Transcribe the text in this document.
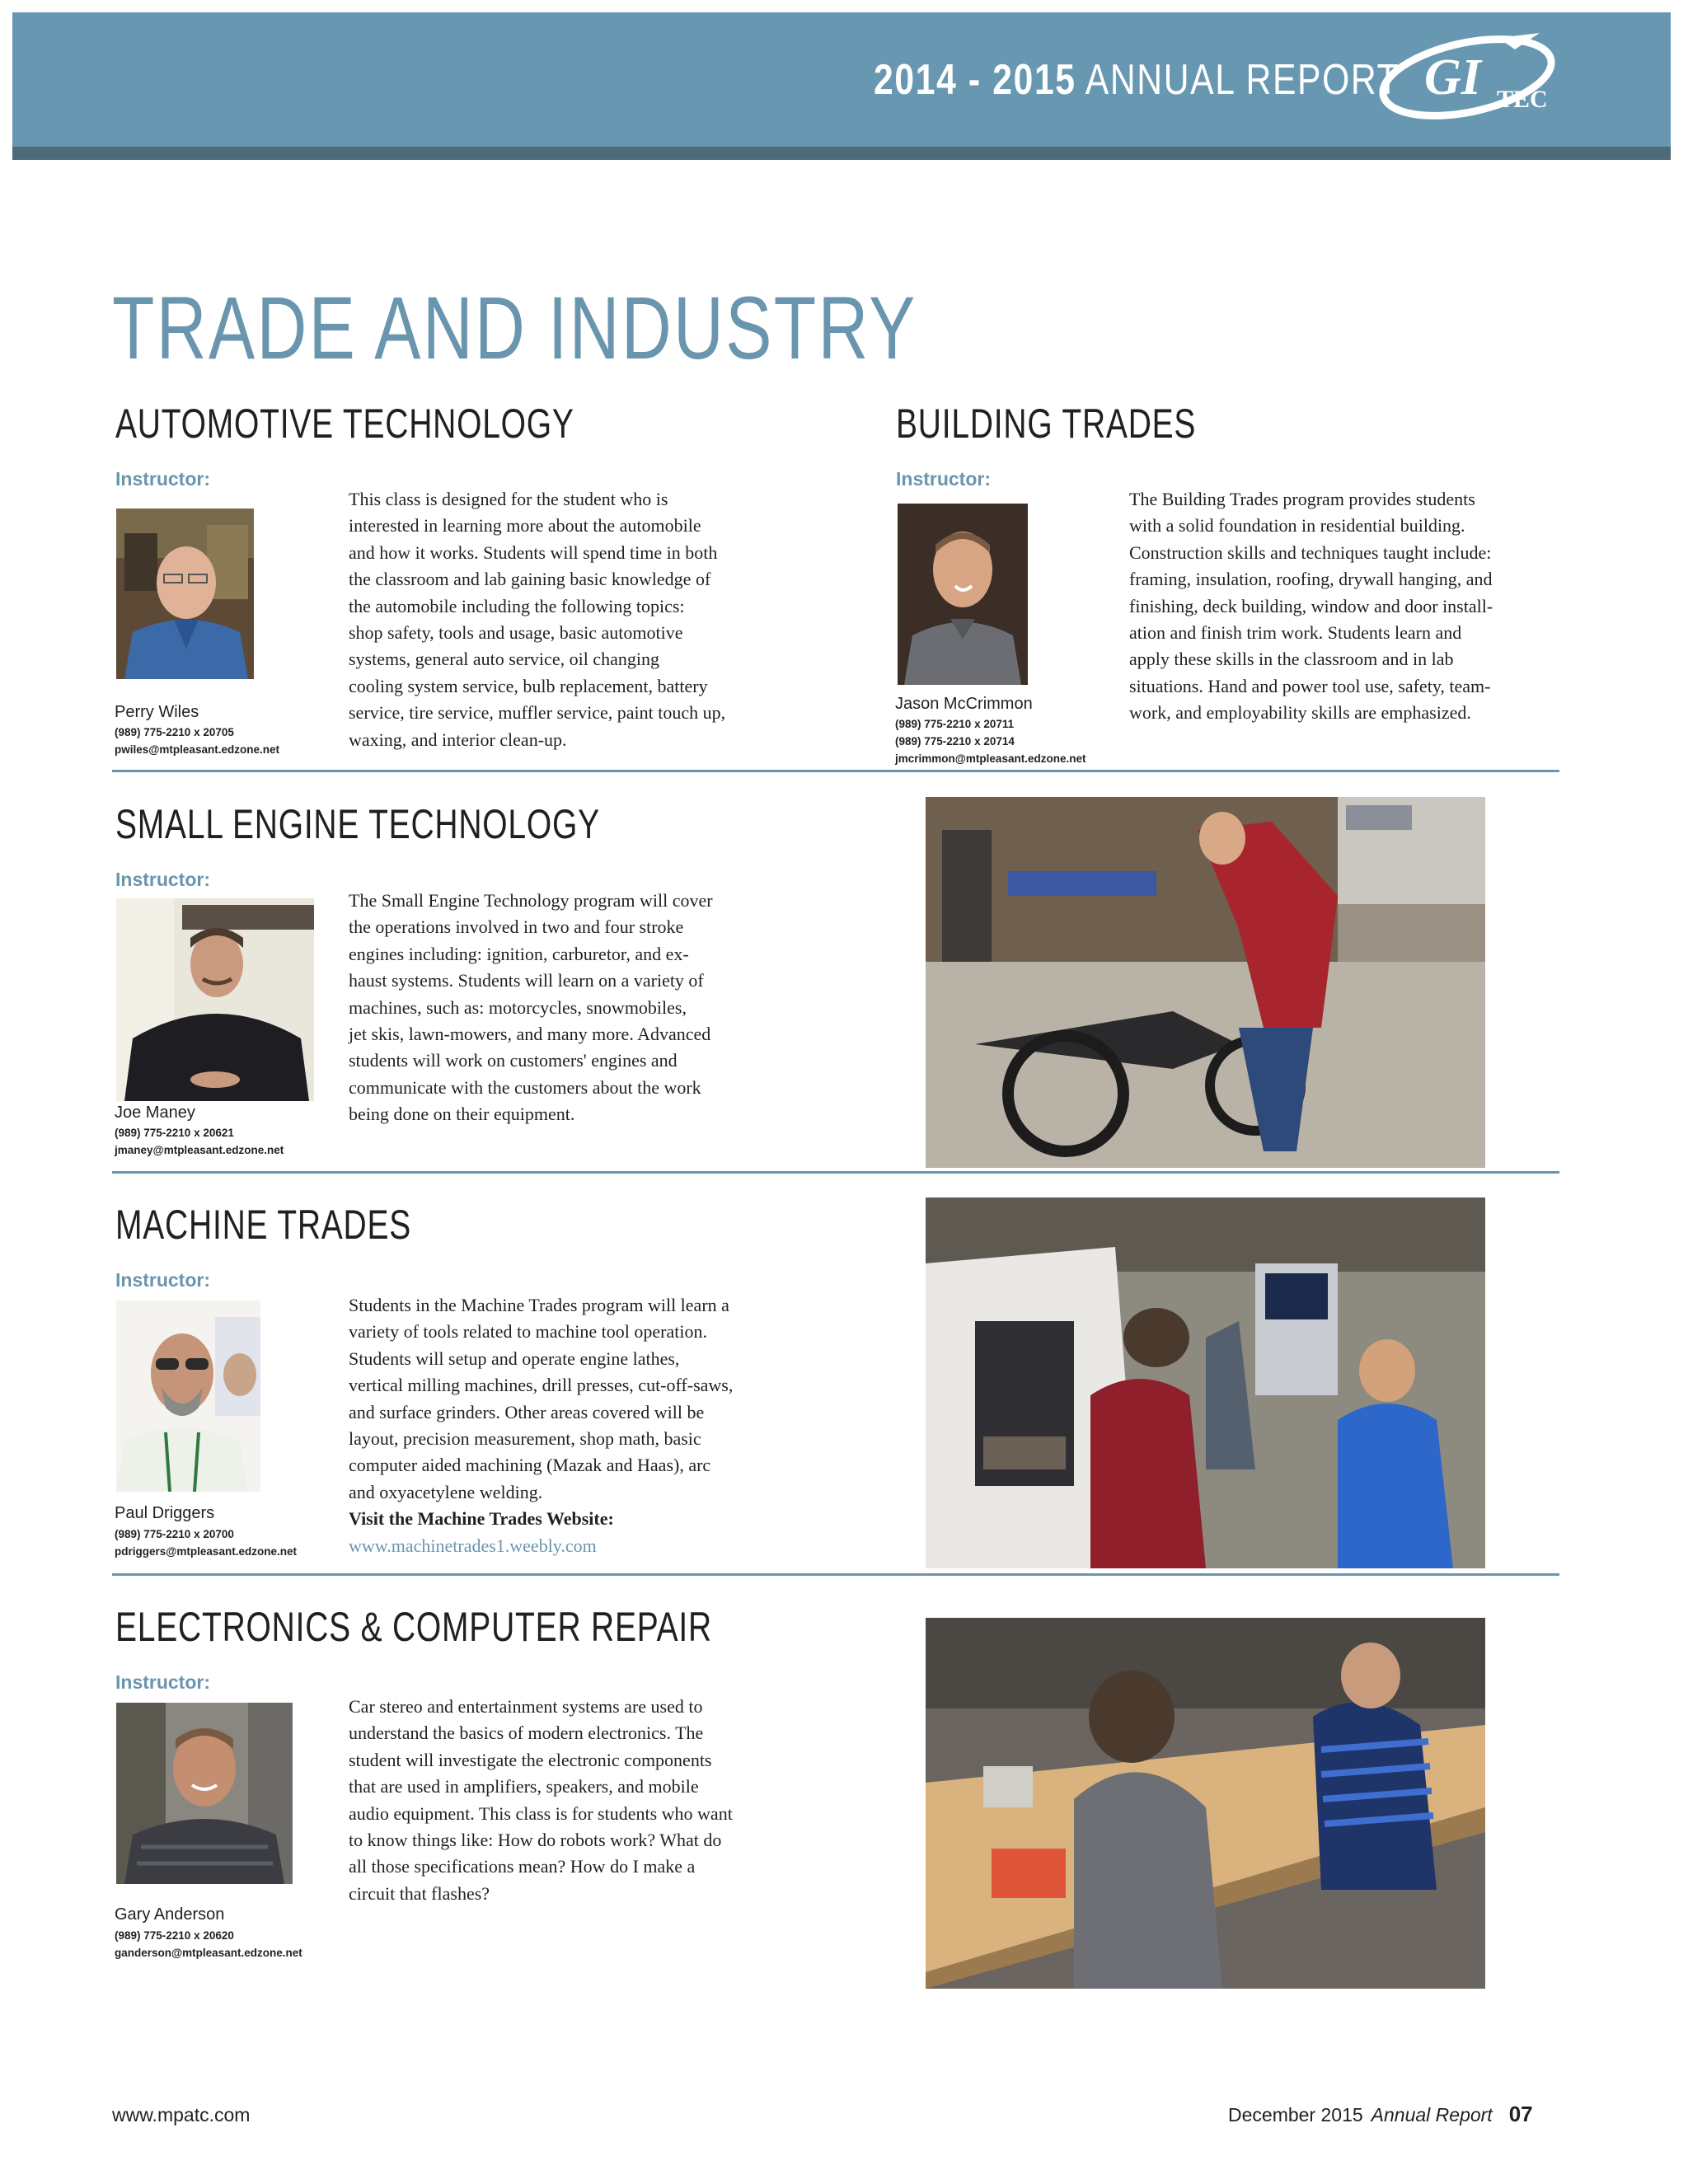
2014 - 2015 ANNUAL REPORT GI TEC
TRADE AND INDUSTRY
AUTOMOTIVE TECHNOLOGY
Instructor:
Perry Wiles
(989) 775-2210 x 20705
pwiles@mtpleasant.edzone.net
This class is designed for the student who is
interested in learning more about the automobile
and how it works. Students will spend time in both
the classroom and lab gaining basic knowledge of
the automobile including the following topics:
shop safety, tools and usage, basic automotive
systems, general auto service, oil changing
cooling system service, bulb replacement, battery
service, tire service, muffler service, paint touch up,
waxing, and interior clean-up.
BUILDING TRADES
Instructor:
Jason McCrimmon
(989) 775-2210 x 20711
(989) 775-2210 x 20714
jmcrimmon@mtpleasant.edzone.net
The Building Trades program provides students
with a solid foundation in residential building.
Construction skills and techniques taught include:
framing, insulation, roofing, drywall hanging, and
finishing, deck building, window and door install-
ation and finish trim work. Students learn and
apply these skills in the classroom and in lab
situations. Hand and power tool use, safety, team-
work, and employability skills are emphasized.
SMALL ENGINE TECHNOLOGY
Instructor:
Joe Maney
(989) 775-2210 x 20621
jmaney@mtpleasant.edzone.net
The Small Engine Technology program will cover
the operations involved in two and four stroke
engines including: ignition, carburetor, and ex-
haust systems. Students will learn on a variety of
machines, such as: motorcycles, snowmobiles,
jet skis, lawn-mowers, and many more. Advanced
students will work on customers' engines and
communicate with the customers about the work
being done on their equipment.
MACHINE TRADES
Instructor:
Paul Driggers
(989) 775-2210 x 20700
pdriggers@mtpleasant.edzone.net
Students in the Machine Trades program will learn a
variety of tools related to machine tool operation.
Students will setup and operate engine lathes,
vertical milling machines, drill presses, cut-off-saws,
and surface grinders. Other areas covered will be
layout, precision measurement, shop math, basic
computer aided machining (Mazak and Haas), arc
and oxyacetylene welding.
Visit the Machine Trades Website:
www.machinetrades1.weebly.com
ELECTRONICS & COMPUTER REPAIR
Instructor:
Gary Anderson
(989) 775-2210 x 20620
ganderson@mtpleasant.edzone.net
Car stereo and entertainment systems are used to
understand the basics of modern electronics. The
student will investigate the electronic components
that are used in amplifiers, speakers, and mobile
audio equipment. This class is for students who want
to know things like: How do robots work? What do
all those specifications mean? How do I make a
circuit that flashes?
www.mpatc.com	December 2015 Annual Report 07
